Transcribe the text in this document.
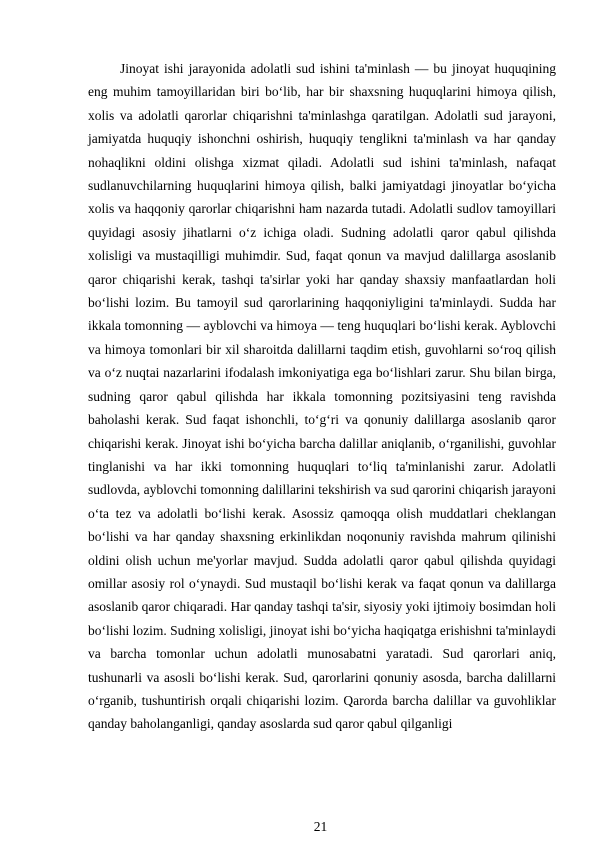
Jinoyat ishi jarayonida adolatli sud ishini ta'minlash — bu jinoyat huquqining eng muhim tamoyillaridan biri bo‘lib, har bir shaxsning huquqlarini himoya qilish, xolis va adolatli qarorlar chiqarishni ta'minlashga qaratilgan. Adolatli sud jarayoni, jamiyatda huquqiy ishonchni oshirish, huquqiy tenglikni ta'minlash va har qanday nohaqlikni oldini olishga xizmat qiladi. Adolatli sud ishini ta'minlash, nafaqat sudlanuvchilarning huquqlarini himoya qilish, balki jamiyatdagi jinoyatlar bo‘yicha xolis va haqqoniy qarorlar chiqarishni ham nazarda tutadi. Adolatli sudlov tamoyillari quyidagi asosiy jihatlarni o‘z ichiga oladi. Sudning adolatli qaror qabul qilishda xolisligi va mustaqilligi muhimdir. Sud, faqat qonun va mavjud dalillarga asoslanib qaror chiqarishi kerak, tashqi ta'sirlar yoki har qanday shaxsiy manfaatlardan holi bo‘lishi lozim. Bu tamoyil sud qarorlarining haqqoniyligini ta'minlaydi. Sudda har ikkala tomonning — ayblovchi va himoya — teng huquqlari bo‘lishi kerak. Ayblovchi va himoya tomonlari bir xil sharoitda dalillarni taqdim etish, guvohlarni so‘roq qilish va o‘z nuqtai nazarlarini ifodalash imkoniyatiga ega bo‘lishlari zarur. Shu bilan birga, sudning qaror qabul qilishda har ikkala tomonning pozitsiyasini teng ravishda baholashi kerak. Sud faqat ishonchli, to‘g‘ri va qonuniy dalillarga asoslanib qaror chiqarishi kerak. Jinoyat ishi bo‘yicha barcha dalillar aniqlanib, o‘rganilishi, guvohlar tinglanishi va har ikki tomonning huquqlari to‘liq ta'minlanishi zarur. Adolatli sudlovda, ayblovchi tomonning dalillarini tekshirish va sud qarorini chiqarish jarayoni o‘ta tez va adolatli bo‘lishi kerak. Asossiz qamoqqa olish muddatlari cheklangan bo‘lishi va har qanday shaxsning erkinlikdan noqonuniy ravishda mahrum qilinishi oldini olish uchun me'yorlar mavjud. Sudda adolatli qaror qabul qilishda quyidagi omillar asosiy rol o‘ynaydi. Sud mustaqil bo‘lishi kerak va faqat qonun va dalillarga asoslanib qaror chiqaradi. Har qanday tashqi ta'sir, siyosiy yoki ijtimoiy bosimdan holi bo‘lishi lozim. Sudning xolisligi, jinoyat ishi bo‘yicha haqiqatga erishishni ta'minlaydi va barcha tomonlar uchun adolatli munosabatni yaratadi. Sud qarorlari aniq, tushunarli va asosli bo‘lishi kerak. Sud, qarorlarini qonuniy asosda, barcha dalillarni o‘rganib, tushuntirish orqali chiqarishi lozim. Qarorda barcha dalillar va guvohliklar qanday baholanganligi, qanday asoslarda sud qaror qabul qilganligi

21
